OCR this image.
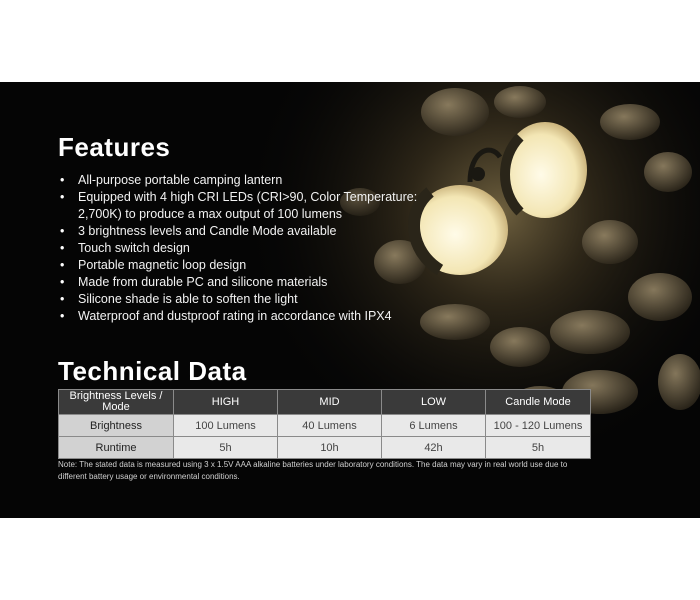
Features
• All-purpose portable camping lantern
• Equipped with 4 high CRI LEDs (CRI>90, Color Temperature: 2,700K) to produce a max output of 100 lumens
• 3 brightness levels and Candle Mode available
• Touch switch design
• Portable magnetic loop design
• Made from durable PC and silicone materials
• Silicone shade is able to soften the light
• Waterproof and dustproof rating in accordance with IPX4
Technical Data
Brightness Levels / Mode	HIGH	MID	LOW	Candle Mode
Brightness	100 Lumens	40 Lumens	6 Lumens	100 - 120 Lumens
Runtime	5h	10h	42h	5h
Note: The stated data is measured using 3 x 1.5V AAA alkaline batteries under laboratory conditions. The data may vary in real world use due to different battery usage or environmental conditions.
